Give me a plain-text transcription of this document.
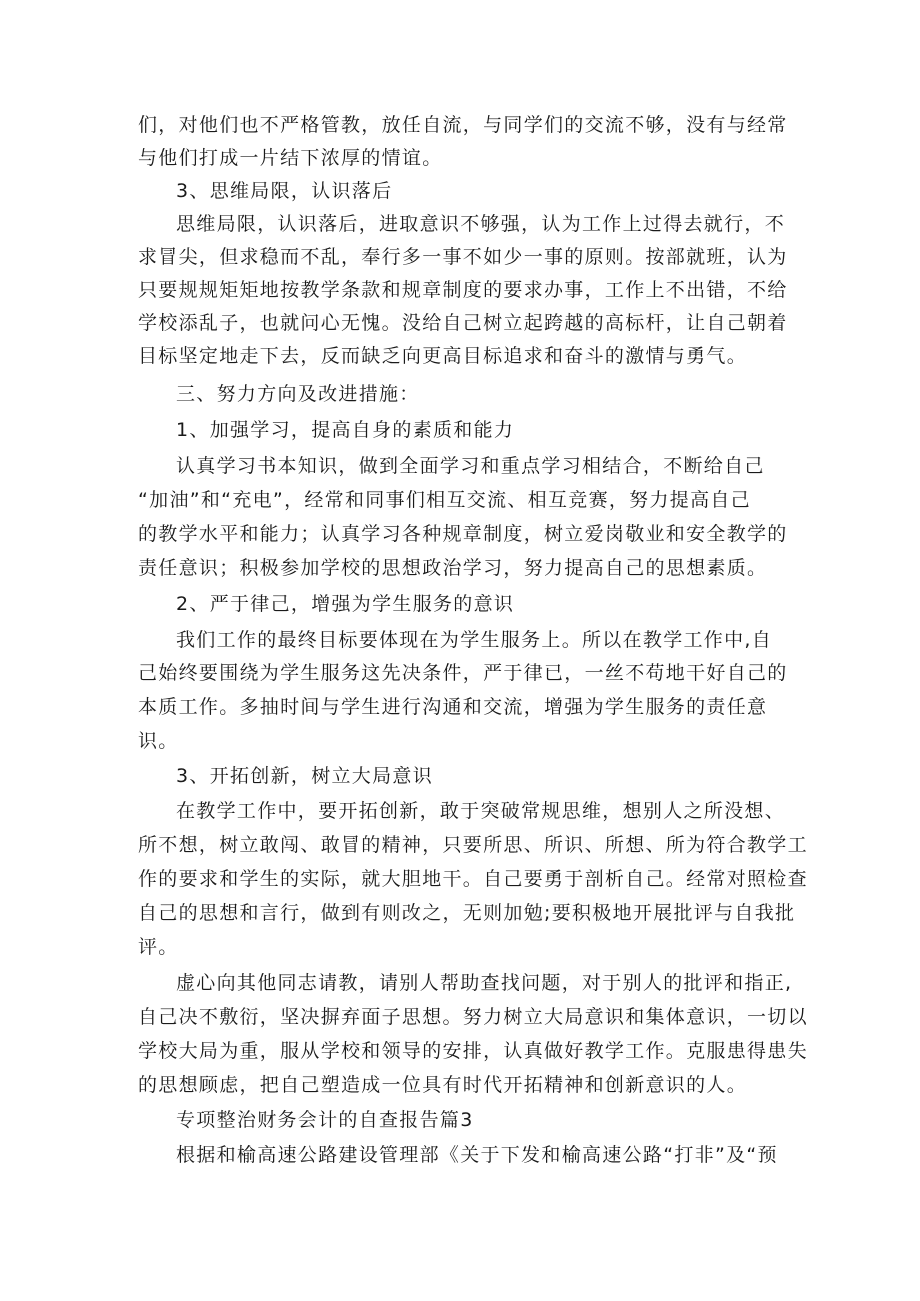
们，对他们也不严格管教，放任自流，与同学们的交流不够，没有与经常
与他们打成一片结下浓厚的情谊。
3、思维局限，认识落后
思维局限，认识落后，进取意识不够强，认为工作上过得去就行，不
求冒尖，但求稳而不乱，奉行多一事不如少一事的原则。按部就班，认为
只要规规矩矩地按教学条款和规章制度的要求办事，工作上不出错，不给
学校添乱子，也就问心无愧。没给自己树立起跨越的高标杆，让自己朝着
目标坚定地走下去，反而缺乏向更高目标追求和奋斗的激情与勇气。
三、努力方向及改进措施：
1、加强学习，提高自身的素质和能力
认真学习书本知识，做到全面学习和重点学习相结合，不断给自己
“加油”和“充电”，经常和同事们相互交流、相互竞赛，努力提高自己
的教学水平和能力；认真学习各种规章制度，树立爱岗敬业和安全教学的
责任意识；积极参加学校的思想政治学习，努力提高自己的思想素质。
2、严于律己，增强为学生服务的意识
我们工作的最终目标要体现在为学生服务上。所以在教学工作中,自
己始终要围绕为学生服务这先决条件，严于律已，一丝不苟地干好自己的
本质工作。多抽时间与学生进行沟通和交流，增强为学生服务的责任意
识。
3、开拓创新，树立大局意识
在教学工作中，要开拓创新，敢于突破常规思维，想别人之所没想、
所不想，树立敢闯、敢冒的精神，只要所思、所识、所想、所为符合教学工
作的要求和学生的实际，就大胆地干。自己要勇于剖析自己。经常对照检查
自己的思想和言行，做到有则改之，无则加勉;要积极地开展批评与自我批
评。
虚心向其他同志请教，请别人帮助查找问题，对于别人的批评和指正,
自己决不敷衍，坚决摒弃面子思想。努力树立大局意识和集体意识，一切以
学校大局为重，服从学校和领导的安排，认真做好教学工作。克服患得患失
的思想顾虑，把自己塑造成一位具有时代开拓精神和创新意识的人。
专项整治财务会计的自查报告篇3
根据和榆高速公路建设管理部《关于下发和榆高速公路“打非”及“预
